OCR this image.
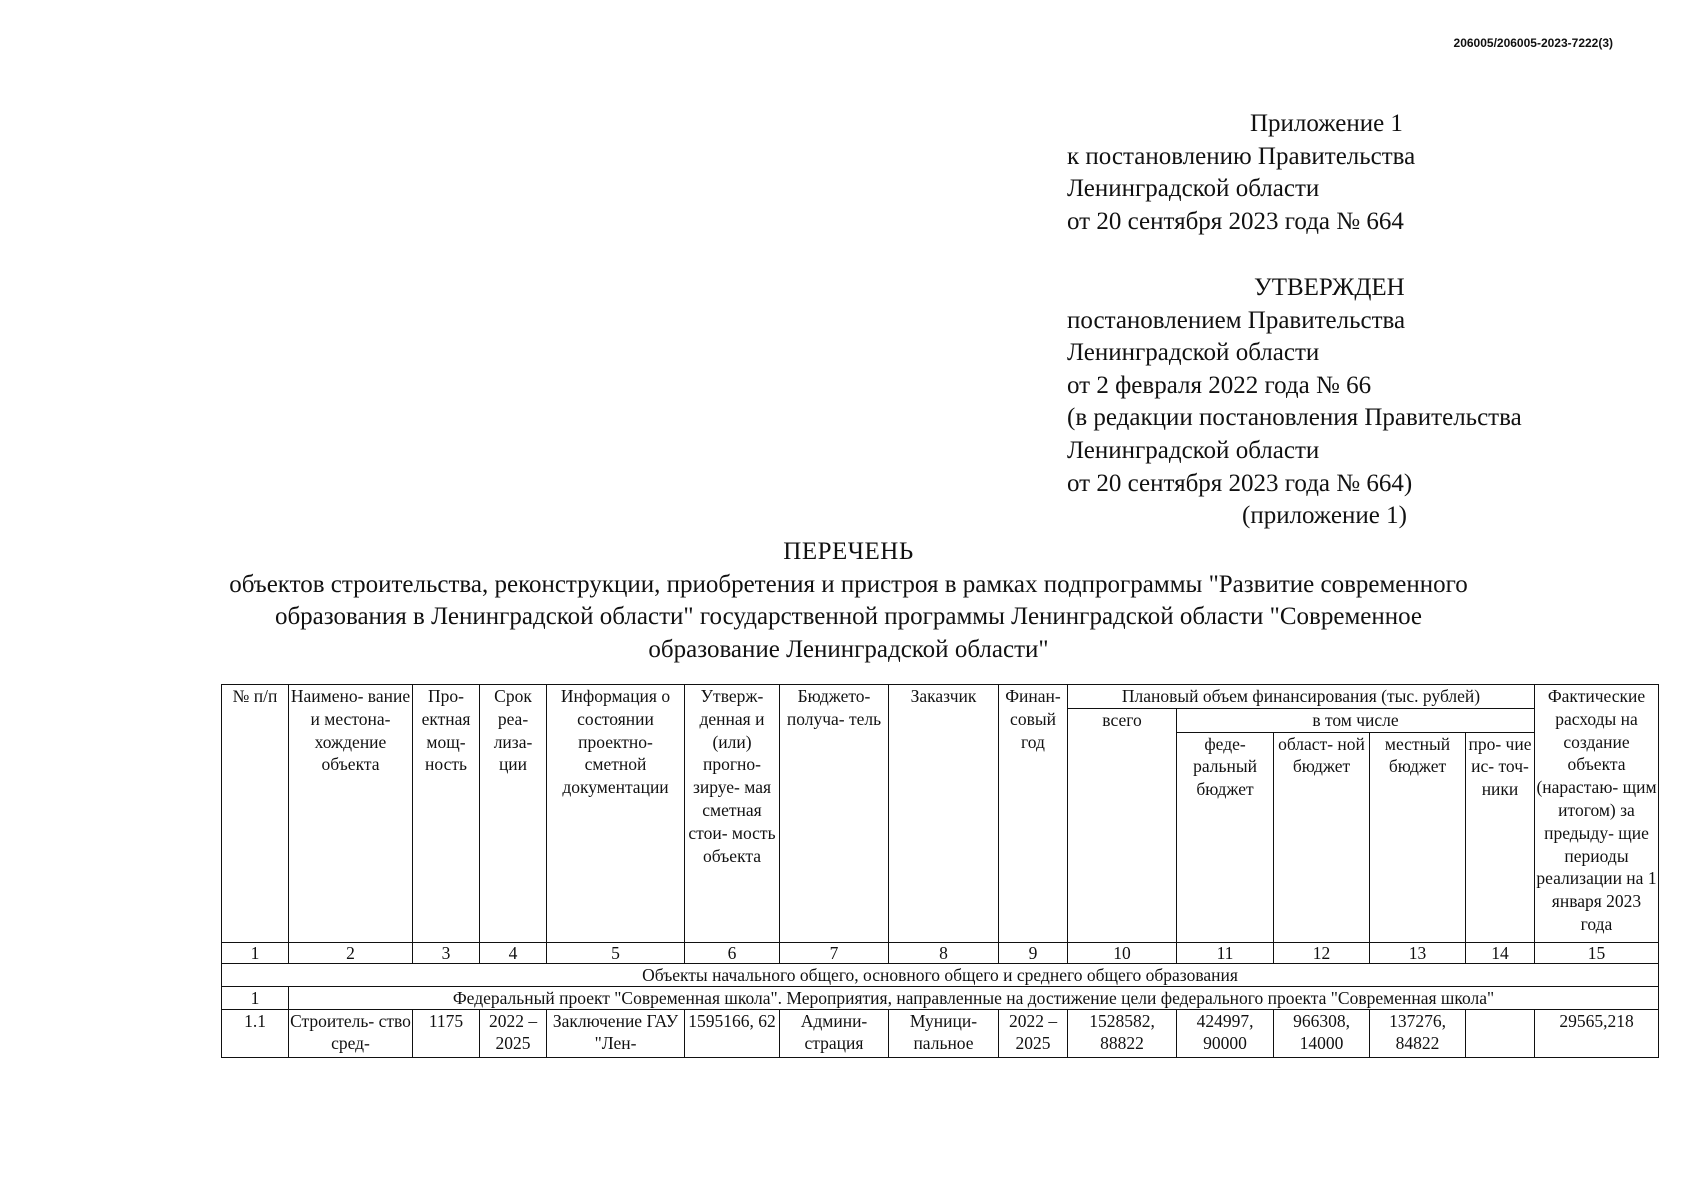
206005/206005-2023-7222(3)
Приложение 1
к постановлению Правительства
Ленинградской области
от 20 сентября 2023 года № 664
УТВЕРЖДЕН
постановлением Правительства
Ленинградской области
от 2 февраля 2022 года № 66
(в редакции постановления Правительства
Ленинградской области
от 20 сентября 2023 года № 664)
(приложение 1)
ПЕРЕЧЕНЬ
объектов строительства, реконструкции, приобретения и пристроя в рамках подпрограммы "Развитие современного
образования в Ленинградской области" государственной программы Ленинградской области "Современное
образование Ленинградской области"
№ п/п	Наимено- вание и местона- хождение объекта	Про- ектная мощ- ность	Срок реа- лиза- ции	Информация о состоянии проектно- сметной документации	Утверж- денная и (или) прогно- зируе- мая сметная стои- мость объекта	Бюджето- получа- тель	Заказчик	Финан- совый год	Плановый объем финансирования (тыс. рублей)					Фактические расходы на создание объекта (нарастаю- щим итогом) за предыду- щие периоды реализации на 1 января 2023 года
									всего	в том числе				
										феде- ральный бюджет	област- ной бюджет	местный бюджет	про- чие ис- точ- ники	
1	2	3	4	5	6	7	8	9	10	11	12	13	14	15
Объекты начального общего, основного общего и среднего общего образования														
1	Федеральный проект "Современная школа". Мероприятия, направленные на достижение цели федерального проекта "Современная школа"													
1.1	Строитель- ство сред-	1175	2022 – 2025	Заключение ГАУ "Лен-	1595166, 62	Админи- страция	Муници- пальное	2022 – 2025	1528582, 88822	424997, 90000	966308, 14000	137276, 84822		29565,218
